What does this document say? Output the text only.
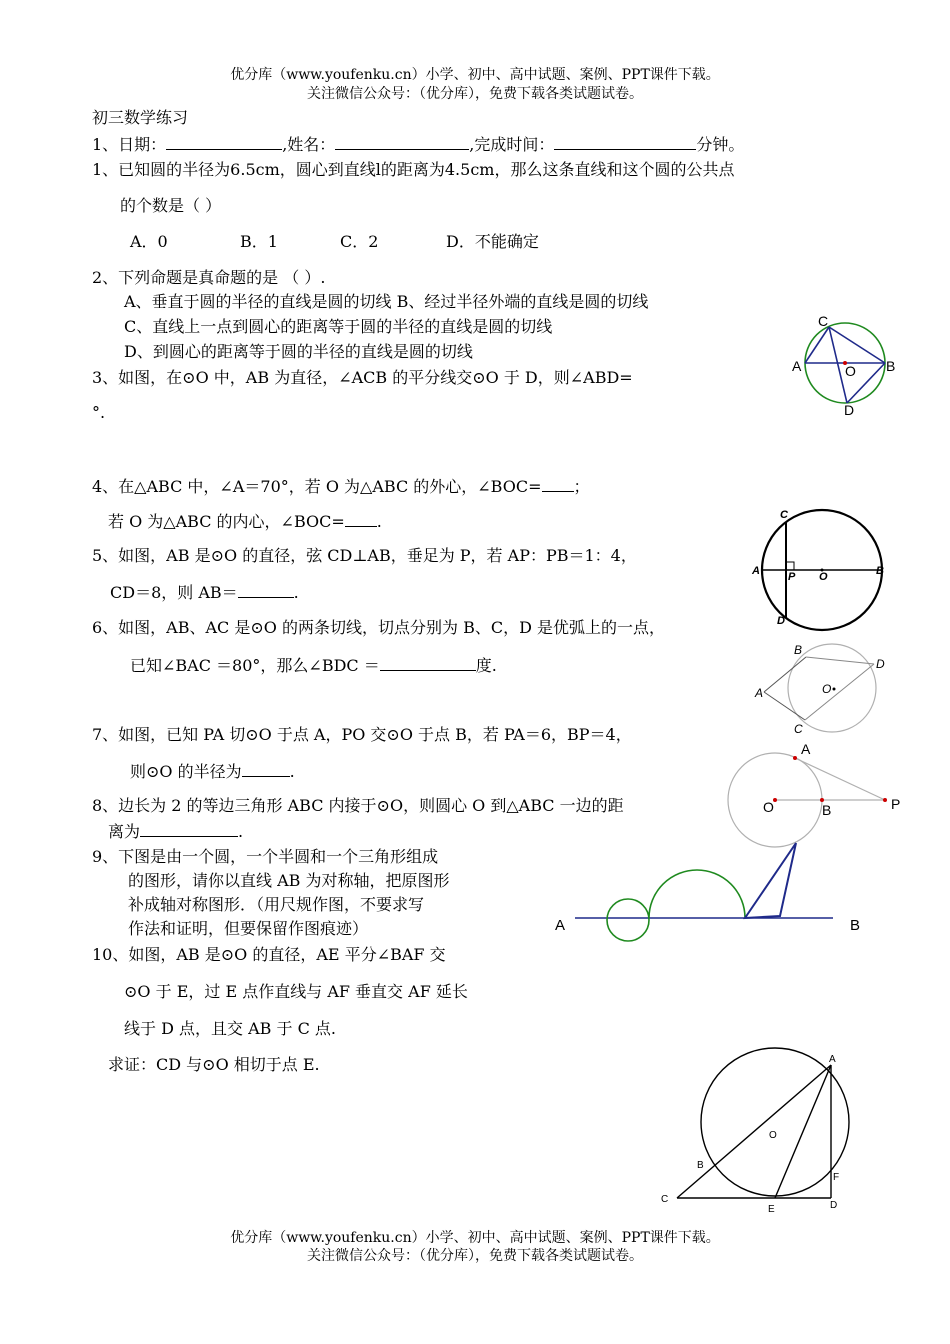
优分库（www.youfenku.cn）小学、初中、高中试题、案例、PPT课件下载。
关注微信公众号：（优分库），免费下载各类试题试卷。
初三数学练习
1、日期：	,姓名：	,完成时间：	分钟。
1、已知圆的半径为6.5cm，圆心到直线l的距离为4.5cm，那么这条直线和这个圆的公共点
的个数是（ ）
A．0	B．1	C．2	D．不能确定
2、下列命题是真命题的是 （ ）.
A、垂直于圆的半径的直线是圆的切线 B、经过半径外端的直线是圆的切线
C、直线上一点到圆心的距离等于圆的半径的直线是圆的切线
D、到圆心的距离等于圆的半径的直线是圆的切线
3、如图，在⊙O 中，AB 为直径，∠ACB 的平分线交⊙O 于 D，则∠ABD=
°.
C
A	O B
D
4、在△ABC 中，∠A＝70°，若 O 为△ABC 的外心，∠BOC= ；
若 O 为△ABC 的内心，∠BOC= .
5、如图，AB 是⊙O 的直径，弦 CD⊥AB，垂足为 P，若 AP：PB＝1：4，
CD＝8，则 AB＝	.
C
A	P O	B
D
6、如图，AB、AC 是⊙O 的两条切线，切点分别为 B、C，D 是优弧上的一点，
已知∠BAC ＝80°，那么∠BDC ＝	度.
B
D
A	O
C
7、如图，已知 PA 切⊙O 于点 A，PO 交⊙O 于点 B，若 PA＝6，BP＝4，
则⊙O 的半径为	.
A
O	B	P
8、边长为 2 的等边三角形 ABC 内接于⊙O，则圆心 O 到△ABC 一边的距
离为	.
9、下图是由一个圆，一个半圆和一个三角形组成
的图形，请你以直线 AB 为对称轴，把原图形
补成轴对称图形．（用尺规作图，不要求写
作法和证明，但要保留作图痕迹）	A	B
10、如图，AB 是⊙O 的直径，AE 平分∠BAF 交
⊙O 于 E，过 E 点作直线与 AF 垂直交 AF 延长
线于 D 点，且交 AB 于 C 点.
求证：CD 与⊙O 相切于点 E.	A
O
B
C
E
F
D
优分库（www.youfenku.cn）小学、初中、高中试题、案例、PPT课件下载。
关注微信公众号：（优分库），免费下载各类试题试卷。
